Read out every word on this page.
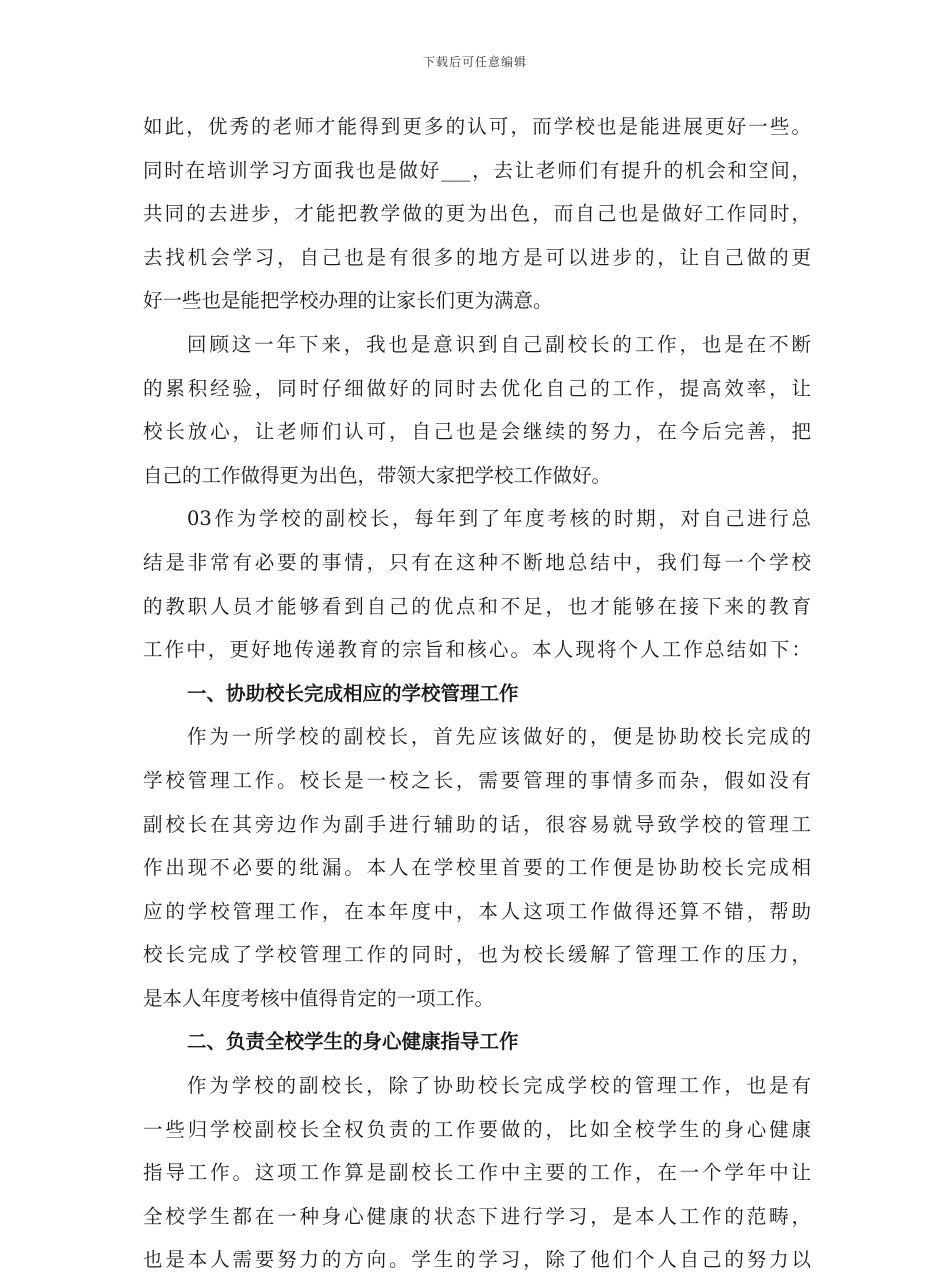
下载后可任意编辑
如此，优秀的老师才能得到更多的认可，而学校也是能进展更好一些。
同时在培训学习方面我也是做好___，去让老师们有提升的机会和空间，
共同的去进步，才能把教学做的更为出色，而自己也是做好工作同时，
去找机会学习，自己也是有很多的地方是可以进步的，让自己做的更
好一些也是能把学校办理的让家长们更为满意。
回顾这一年下来，我也是意识到自己副校长的工作，也是在不断
的累积经验，同时仔细做好的同时去优化自己的工作，提高效率，让
校长放心，让老师们认可，自己也是会继续的努力，在今后完善，把
自己的工作做得更为出色，带领大家把学校工作做好。
03作为学校的副校长，每年到了年度考核的时期，对自己进行总
结是非常有必要的事情，只有在这种不断地总结中，我们每一个学校
的教职人员才能够看到自己的优点和不足，也才能够在接下来的教育
工作中，更好地传递教育的宗旨和核心。本人现将个人工作总结如下：
一、协助校长完成相应的学校管理工作
作为一所学校的副校长，首先应该做好的，便是协助校长完成的
学校管理工作。校长是一校之长，需要管理的事情多而杂，假如没有
副校长在其旁边作为副手进行辅助的话，很容易就导致学校的管理工
作出现不必要的纰漏。本人在学校里首要的工作便是协助校长完成相
应的学校管理工作，在本年度中，本人这项工作做得还算不错，帮助
校长完成了学校管理工作的同时，也为校长缓解了管理工作的压力，
是本人年度考核中值得肯定的一项工作。
二、负责全校学生的身心健康指导工作
作为学校的副校长，除了协助校长完成学校的管理工作，也是有
一些归学校副校长全权负责的工作要做的，比如全校学生的身心健康
指导工作。这项工作算是副校长工作中主要的工作，在一个学年中让
全校学生都在一种身心健康的状态下进行学习，是本人工作的范畴，
也是本人需要努力的方向。学生的学习，除了他们个人自己的努力以
